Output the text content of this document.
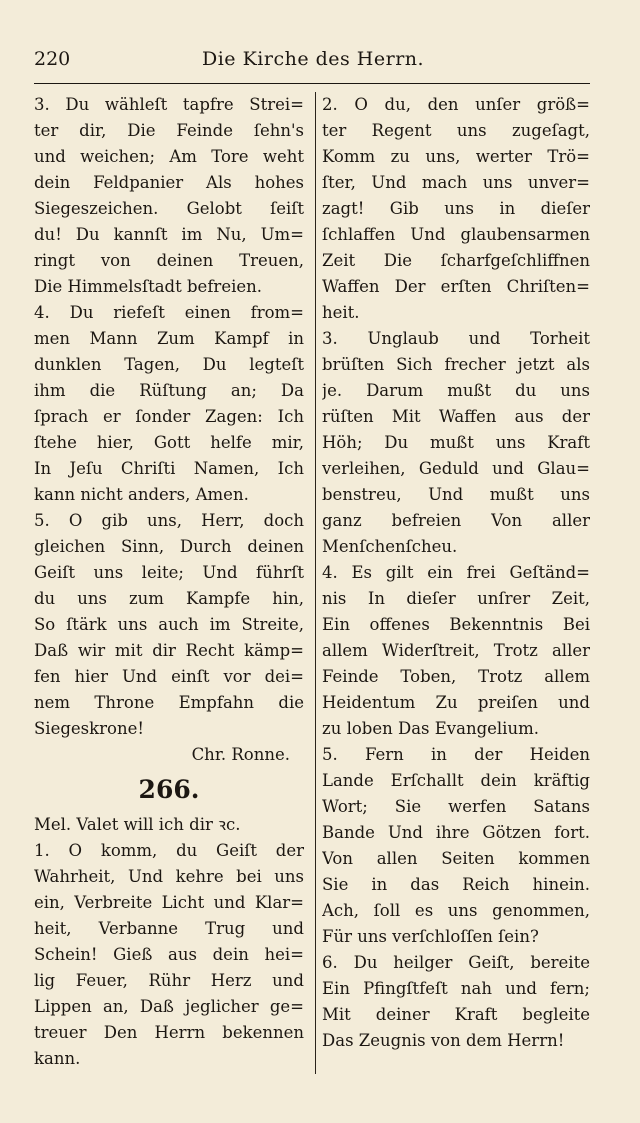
220	Die Kirche des Herrn.
3. Du wähleſt tapfre Strei=
ter dir, Die Feinde ſehn's
und weichen; Am Tore weht
dein Feldpanier Als hohes
Siegeszeichen. Gelobt ſeiſt
du! Du kannſt im Nu, Um=
ringt von deinen Treuen,
Die Himmelsſtadt befreien.
4. Du riefeſt einen from=
men Mann Zum Kampf in
dunklen Tagen, Du legteſt
ihm die Rüſtung an; Da
ſprach er ſonder Zagen: Ich
ſtehe hier, Gott helfe mir,
In Jeſu Chriſti Namen, Ich
kann nicht anders, Amen.
5. O gib uns, Herr, doch
gleichen Sinn, Durch deinen
Geiſt uns leite; Und führſt
du uns zum Kampfe hin,
So ſtärk uns auch im Streite,
Daß wir mit dir Recht kämp=
fen hier Und einſt vor dei=
nem Throne Empfahn die
Siegeskrone!
Chr. Ronne.
266.
Mel. Valet will ich dir ꝛc.
1. O komm, du Geiſt der
Wahrheit, Und kehre bei uns
ein, Verbreite Licht und Klar=
heit, Verbanne Trug und
Schein! Gieß aus dein hei=
lig Feuer, Rühr Herz und
Lippen an, Daß jeglicher ge=
treuer Den Herrn bekennen
kann.
2. O du, den unſer größ=
ter Regent uns zugeſagt,
Komm zu uns, werter Trö=
ſter, Und mach uns unver=
zagt! Gib uns in dieſer
ſchlaffen Und glaubensarmen
Zeit Die ſcharfgeſchliffnen
Waffen Der erſten Chriſten=
heit.
3. Unglaub und Torheit
brüſten Sich frecher jetzt als
je. Darum mußt du uns
rüſten Mit Waffen aus der
Höh; Du mußt uns Kraft
verleihen, Geduld und Glau=
benstreu, Und mußt uns
ganz befreien Von aller
Menſchenſcheu.
4. Es gilt ein frei Geſtänd=
nis In dieſer unſrer Zeit,
Ein offenes Bekenntnis Bei
allem Widerſtreit, Trotz aller
Feinde Toben, Trotz allem
Heidentum Zu preiſen und
zu loben Das Evangelium.
5. Fern in der Heiden
Lande Erſchallt dein kräftig
Wort; Sie werfen Satans
Bande Und ihre Götzen fort.
Von allen Seiten kommen
Sie in das Reich hinein.
Ach, ſoll es uns genommen,
Für uns verſchloſſen ſein?
6. Du heilger Geiſt, bereite
Ein Pfingſtfeſt nah und fern;
Mit deiner Kraft begleite
Das Zeugnis von dem Herrn!
